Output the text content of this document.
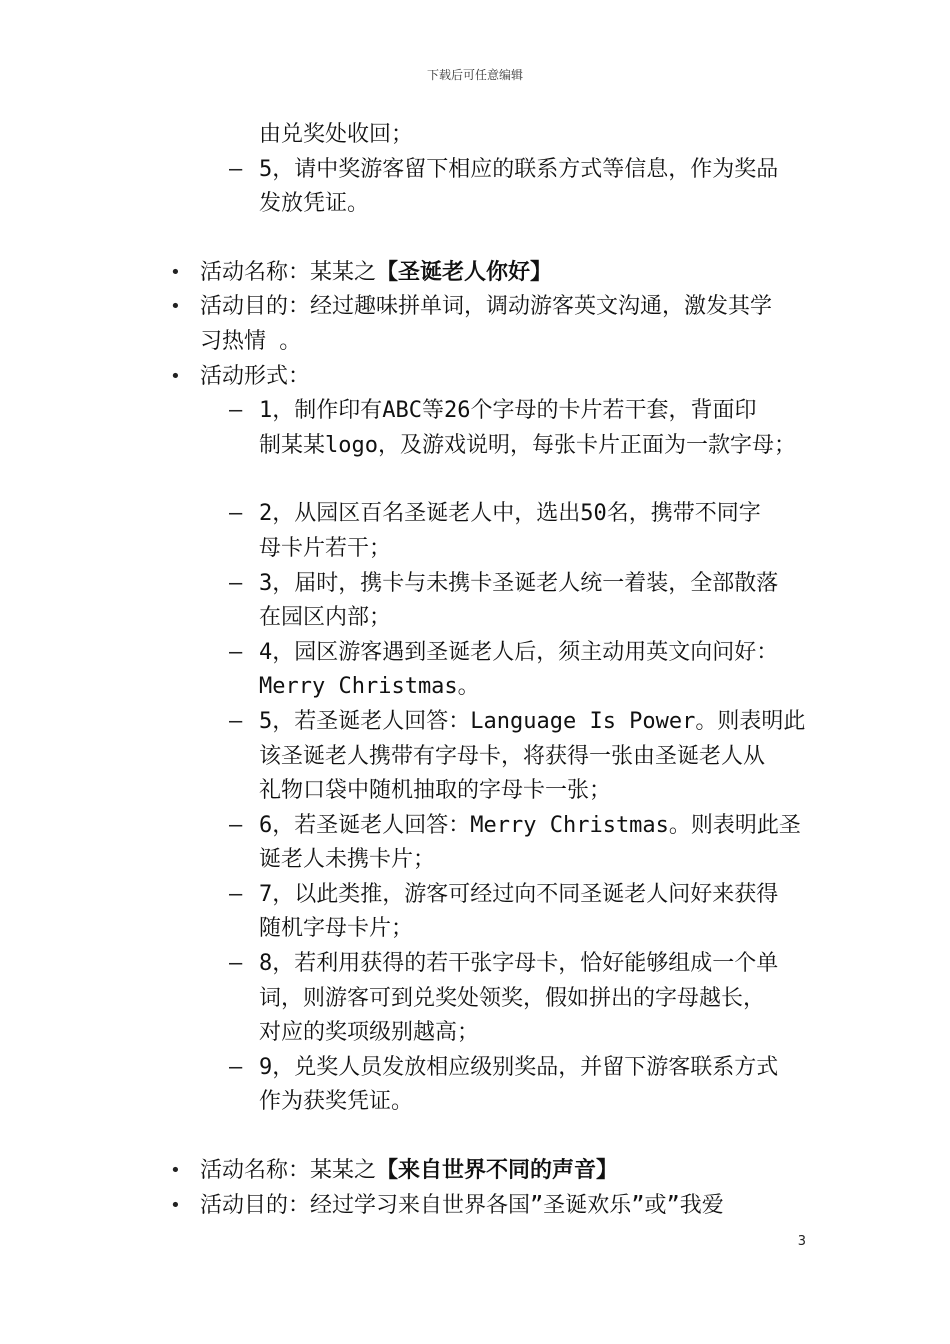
下载后可任意编辑
由兑奖处收回；
– 5，请中奖游客留下相应的联系方式等信息，作为奖品
发放凭证。
• 活动名称：某某之【圣诞老人你好】
• 活动目的：经过趣味拼单词，调动游客英文沟通，激发其学
习热情 。
• 活动形式：
– 1，制作印有ABC等26个字母的卡片若干套，背面印
制某某logo，及游戏说明，每张卡片正面为一款字母；
– 2，从园区百名圣诞老人中，选出50名，携带不同字
母卡片若干；
– 3，届时，携卡与未携卡圣诞老人统一着装，全部散落
在园区内部；
– 4，园区游客遇到圣诞老人后，须主动用英文向问好：
Merry Christmas。
– 5，若圣诞老人回答：Language Is Power。则表明此
该圣诞老人携带有字母卡，将获得一张由圣诞老人从
礼物口袋中随机抽取的字母卡一张；
– 6，若圣诞老人回答：Merry Christmas。则表明此圣
诞老人未携卡片；
– 7，以此类推，游客可经过向不同圣诞老人问好来获得
随机字母卡片；
– 8，若利用获得的若干张字母卡，恰好能够组成一个单
词，则游客可到兑奖处领奖，假如拼出的字母越长，
对应的奖项级别越高；
– 9，兑奖人员发放相应级别奖品，并留下游客联系方式
作为获奖凭证。
• 活动名称：某某之【来自世界不同的声音】
• 活动目的：经过学习来自世界各国”圣诞欢乐”或”我爱
3
